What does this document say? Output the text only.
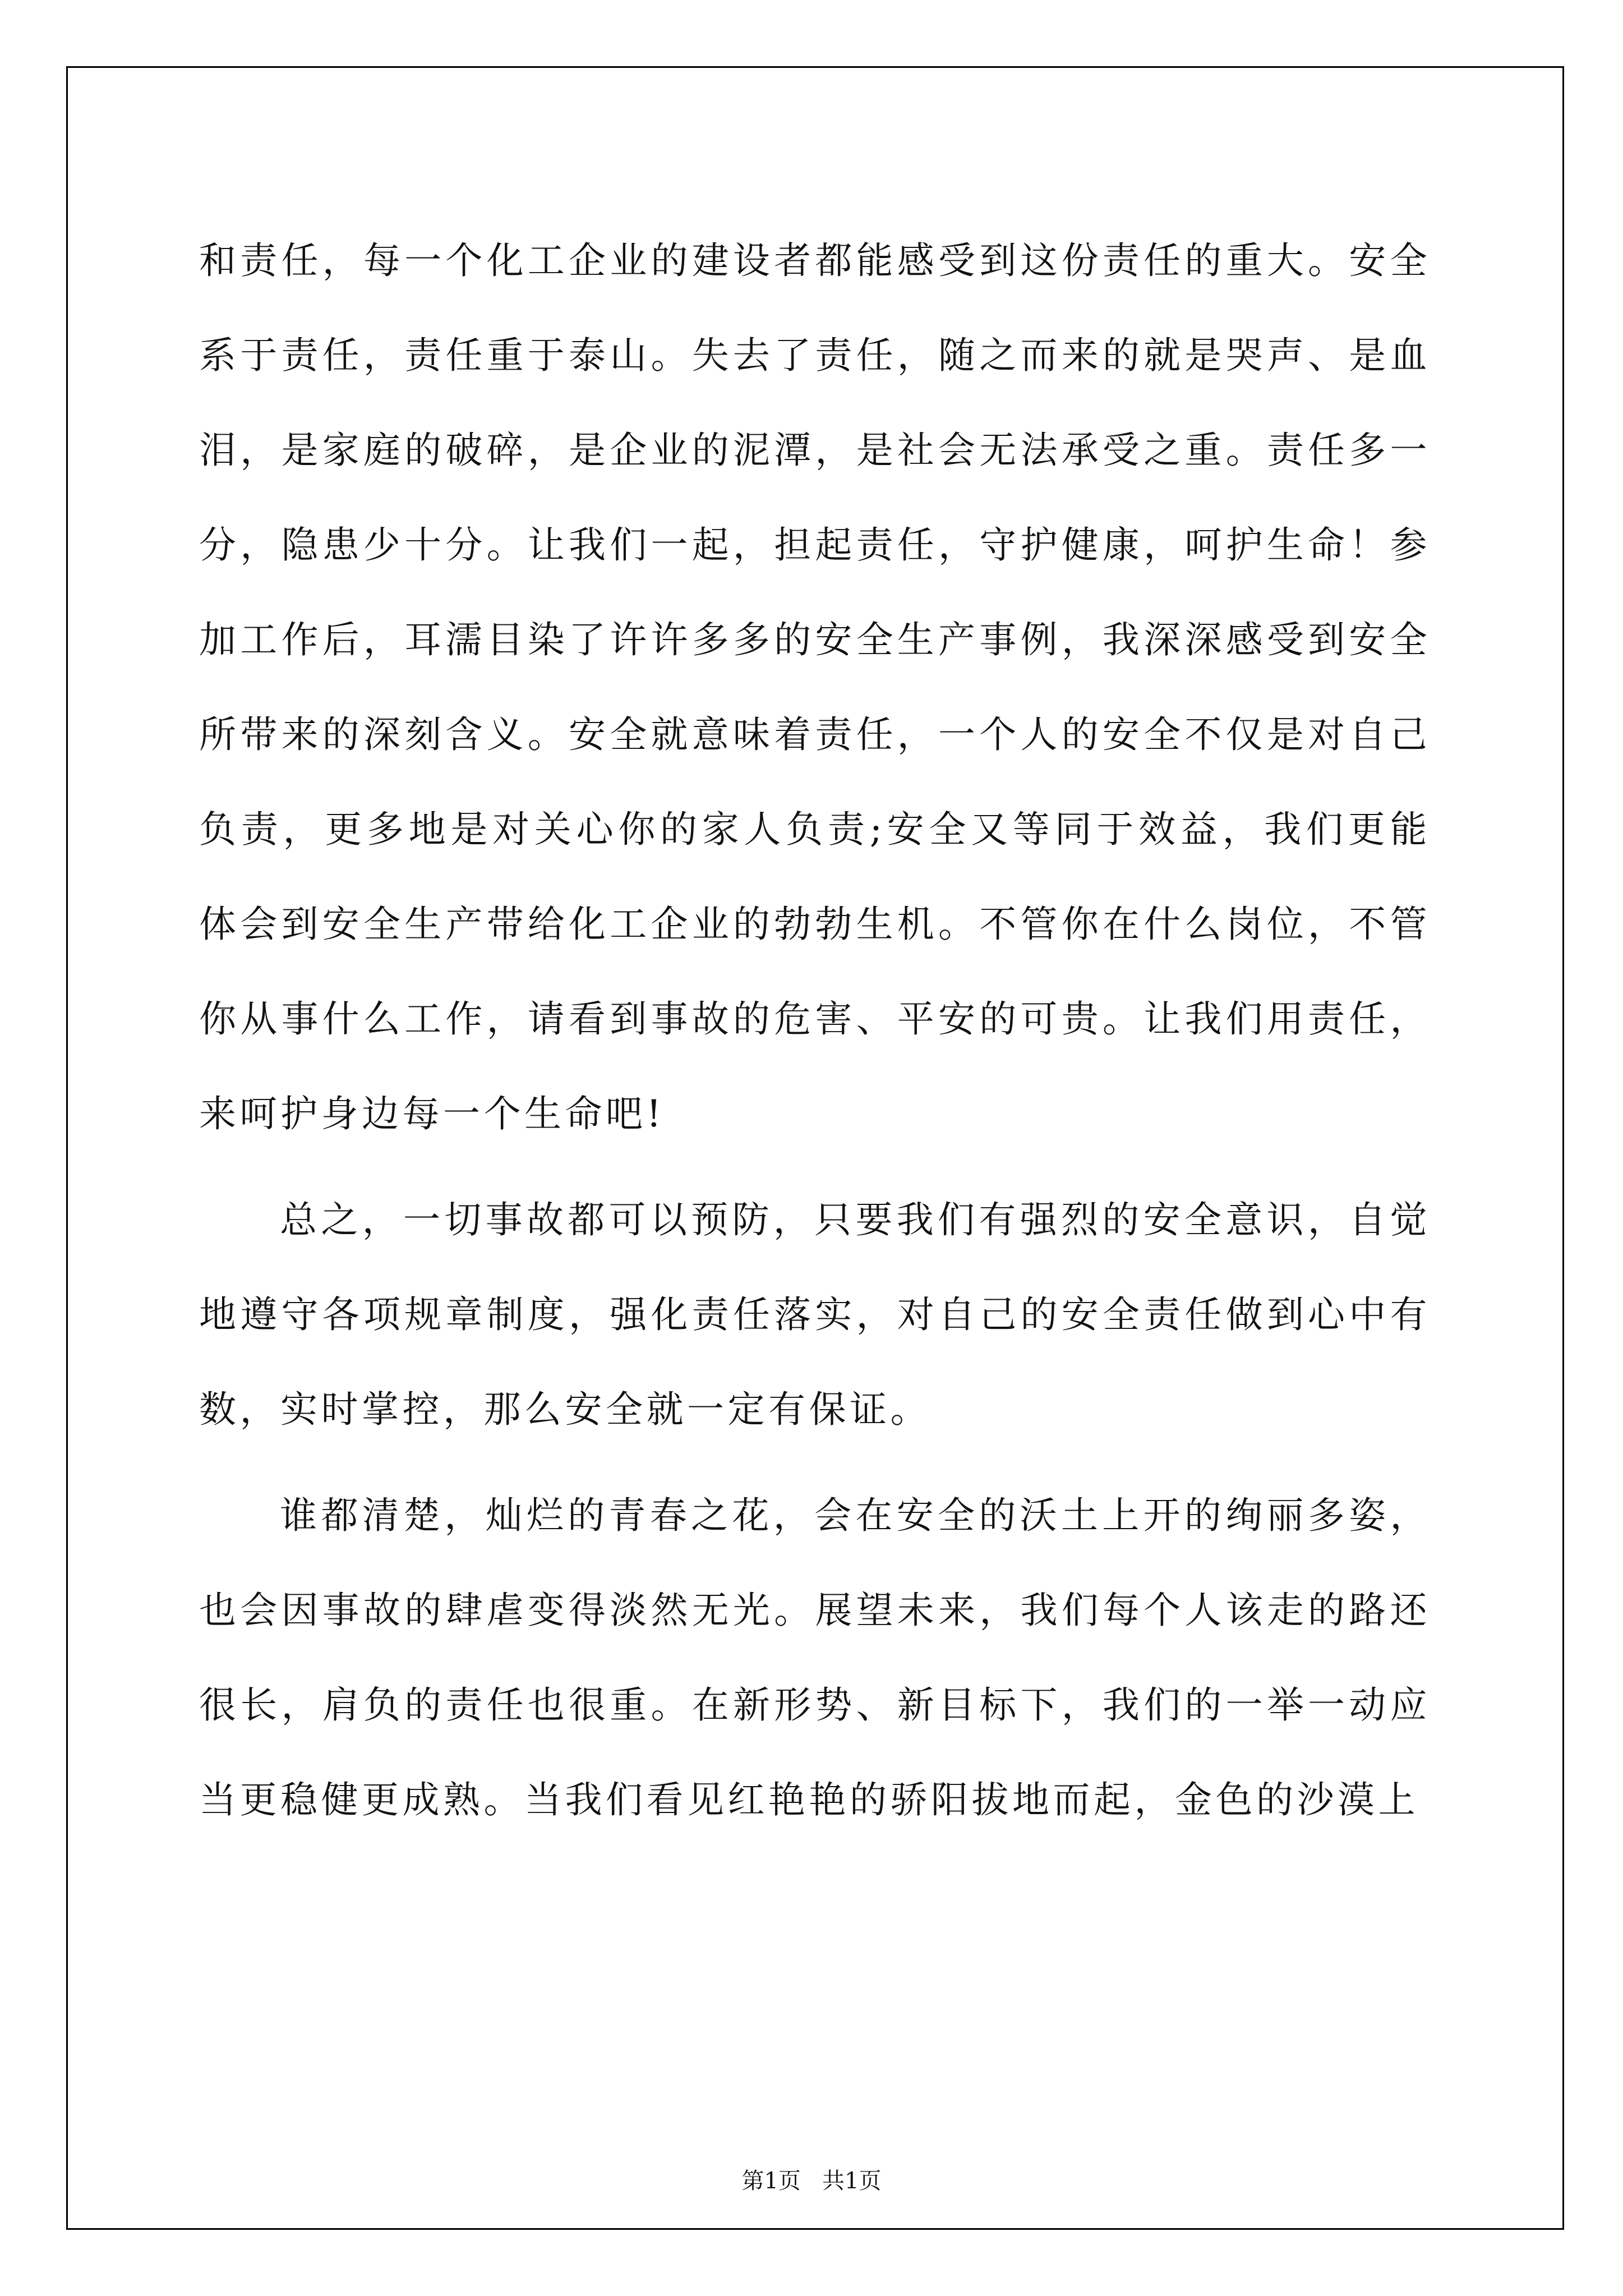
和责任，每一个化工企业的建设者都能感受到这份责任的重大。安全系于责任，责任重于泰山。失去了责任，随之而来的就是哭声、是血泪，是家庭的破碎，是企业的泥潭，是社会无法承受之重。责任多一分，隐患少十分。让我们一起，担起责任，守护健康，呵护生命！参加工作后，耳濡目染了许许多多的安全生产事例，我深深感受到安全所带来的深刻含义。安全就意味着责任，一个人的安全不仅是对自己负责，更多地是对关心你的家人负责;安全又等同于效益，我们更能体会到安全生产带给化工企业的勃勃生机。不管你在什么岗位，不管你从事什么工作，请看到事故的危害、平安的可贵。让我们用责任，来呵护身边每一个生命吧!

总之，一切事故都可以预防，只要我们有强烈的安全意识，自觉地遵守各项规章制度，强化责任落实，对自己的安全责任做到心中有数，实时掌控，那么安全就一定有保证。

谁都清楚，灿烂的青春之花，会在安全的沃土上开的绚丽多姿，也会因事故的肆虐变得淡然无光。展望未来，我们每个人该走的路还很长，肩负的责任也很重。在新形势、新目标下，我们的一举一动应当更稳健更成熟。当我们看见红艳艳的骄阳拔地而起，金色的沙漠上

第1页   共1页
